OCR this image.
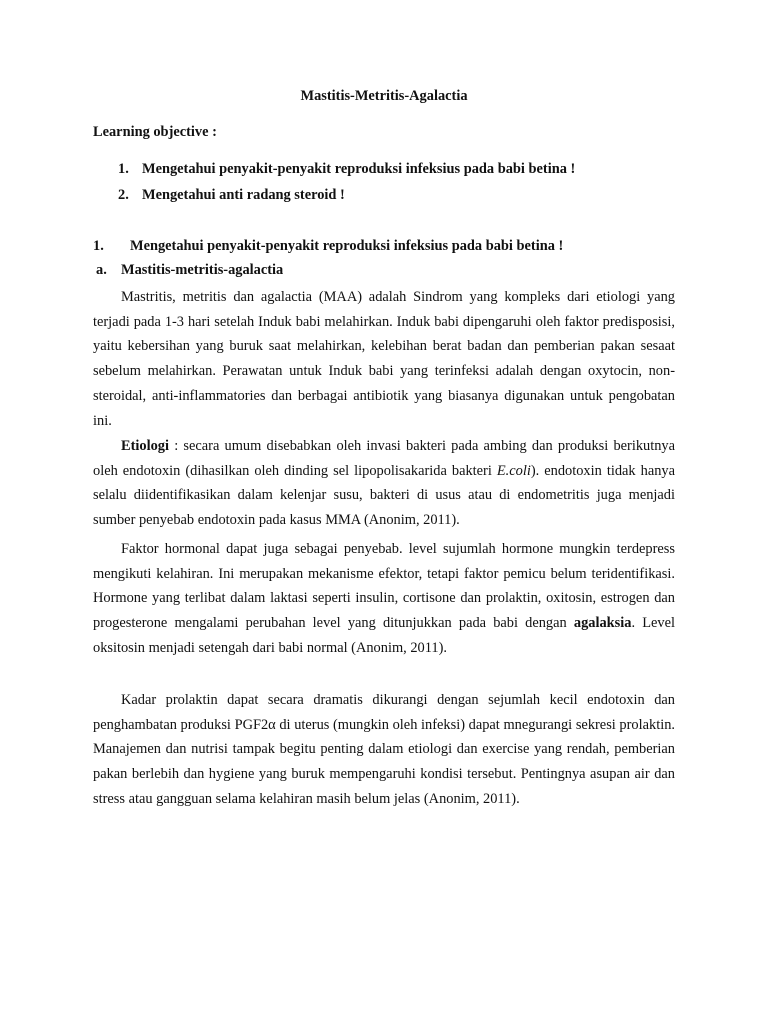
Mastitis-Metritis-Agalactia
Learning objective :
1. Mengetahui penyakit-penyakit reproduksi infeksius pada babi betina !
2. Mengetahui anti radang steroid !
1. Mengetahui penyakit-penyakit reproduksi infeksius pada babi betina !
a. Mastitis-metritis-agalactia

Mastritis, metritis dan agalactia (MAA) adalah Sindrom yang kompleks dari etiologi yang terjadi pada 1-3 hari setelah Induk babi melahirkan. Induk babi dipengaruhi oleh faktor predisposisi, yaitu kebersihan yang buruk saat melahirkan, kelebihan berat badan dan pemberian pakan sesaat sebelum melahirkan. Perawatan untuk Induk babi yang terinfeksi adalah dengan oxytocin, non-steroidal, anti-inflammatories dan berbagai antibiotik yang biasanya digunakan untuk pengobatan ini.

Etiologi : secara umum disebabkan oleh invasi bakteri pada ambing dan produksi berikutnya oleh endotoxin (dihasilkan oleh dinding sel lipopolisakarida bakteri E.coli). endotoxin tidak hanya selalu diidentifikasikan dalam kelenjar susu, bakteri di usus atau di endometritis juga menjadi sumber penyebab endotoxin pada kasus MMA (Anonim, 2011).

Faktor hormonal dapat juga sebagai penyebab. level sujumlah hormone mungkin terdepress mengikuti kelahiran. Ini merupakan mekanisme efektor, tetapi faktor pemicu belum teridentifikasi. Hormone yang terlibat dalam laktasi seperti insulin, cortisone dan prolaktin, oxitosin, estrogen dan progesterone mengalami perubahan level yang ditunjukkan pada babi dengan agalaksia. Level oksitosin menjadi setengah dari babi normal (Anonim, 2011).

Kadar prolaktin dapat secara dramatis dikurangi dengan sejumlah kecil endotoxin dan penghambatan produksi PGF2α di uterus (mungkin oleh infeksi) dapat mnegurangi sekresi prolaktin. Manajemen dan nutrisi tampak begitu penting dalam etiologi dan exercise yang rendah, pemberian pakan berlebih dan hygiene yang buruk mempengaruhi kondisi tersebut. Pentingnya asupan air dan stress atau gangguan selama kelahiran masih belum jelas (Anonim, 2011).
